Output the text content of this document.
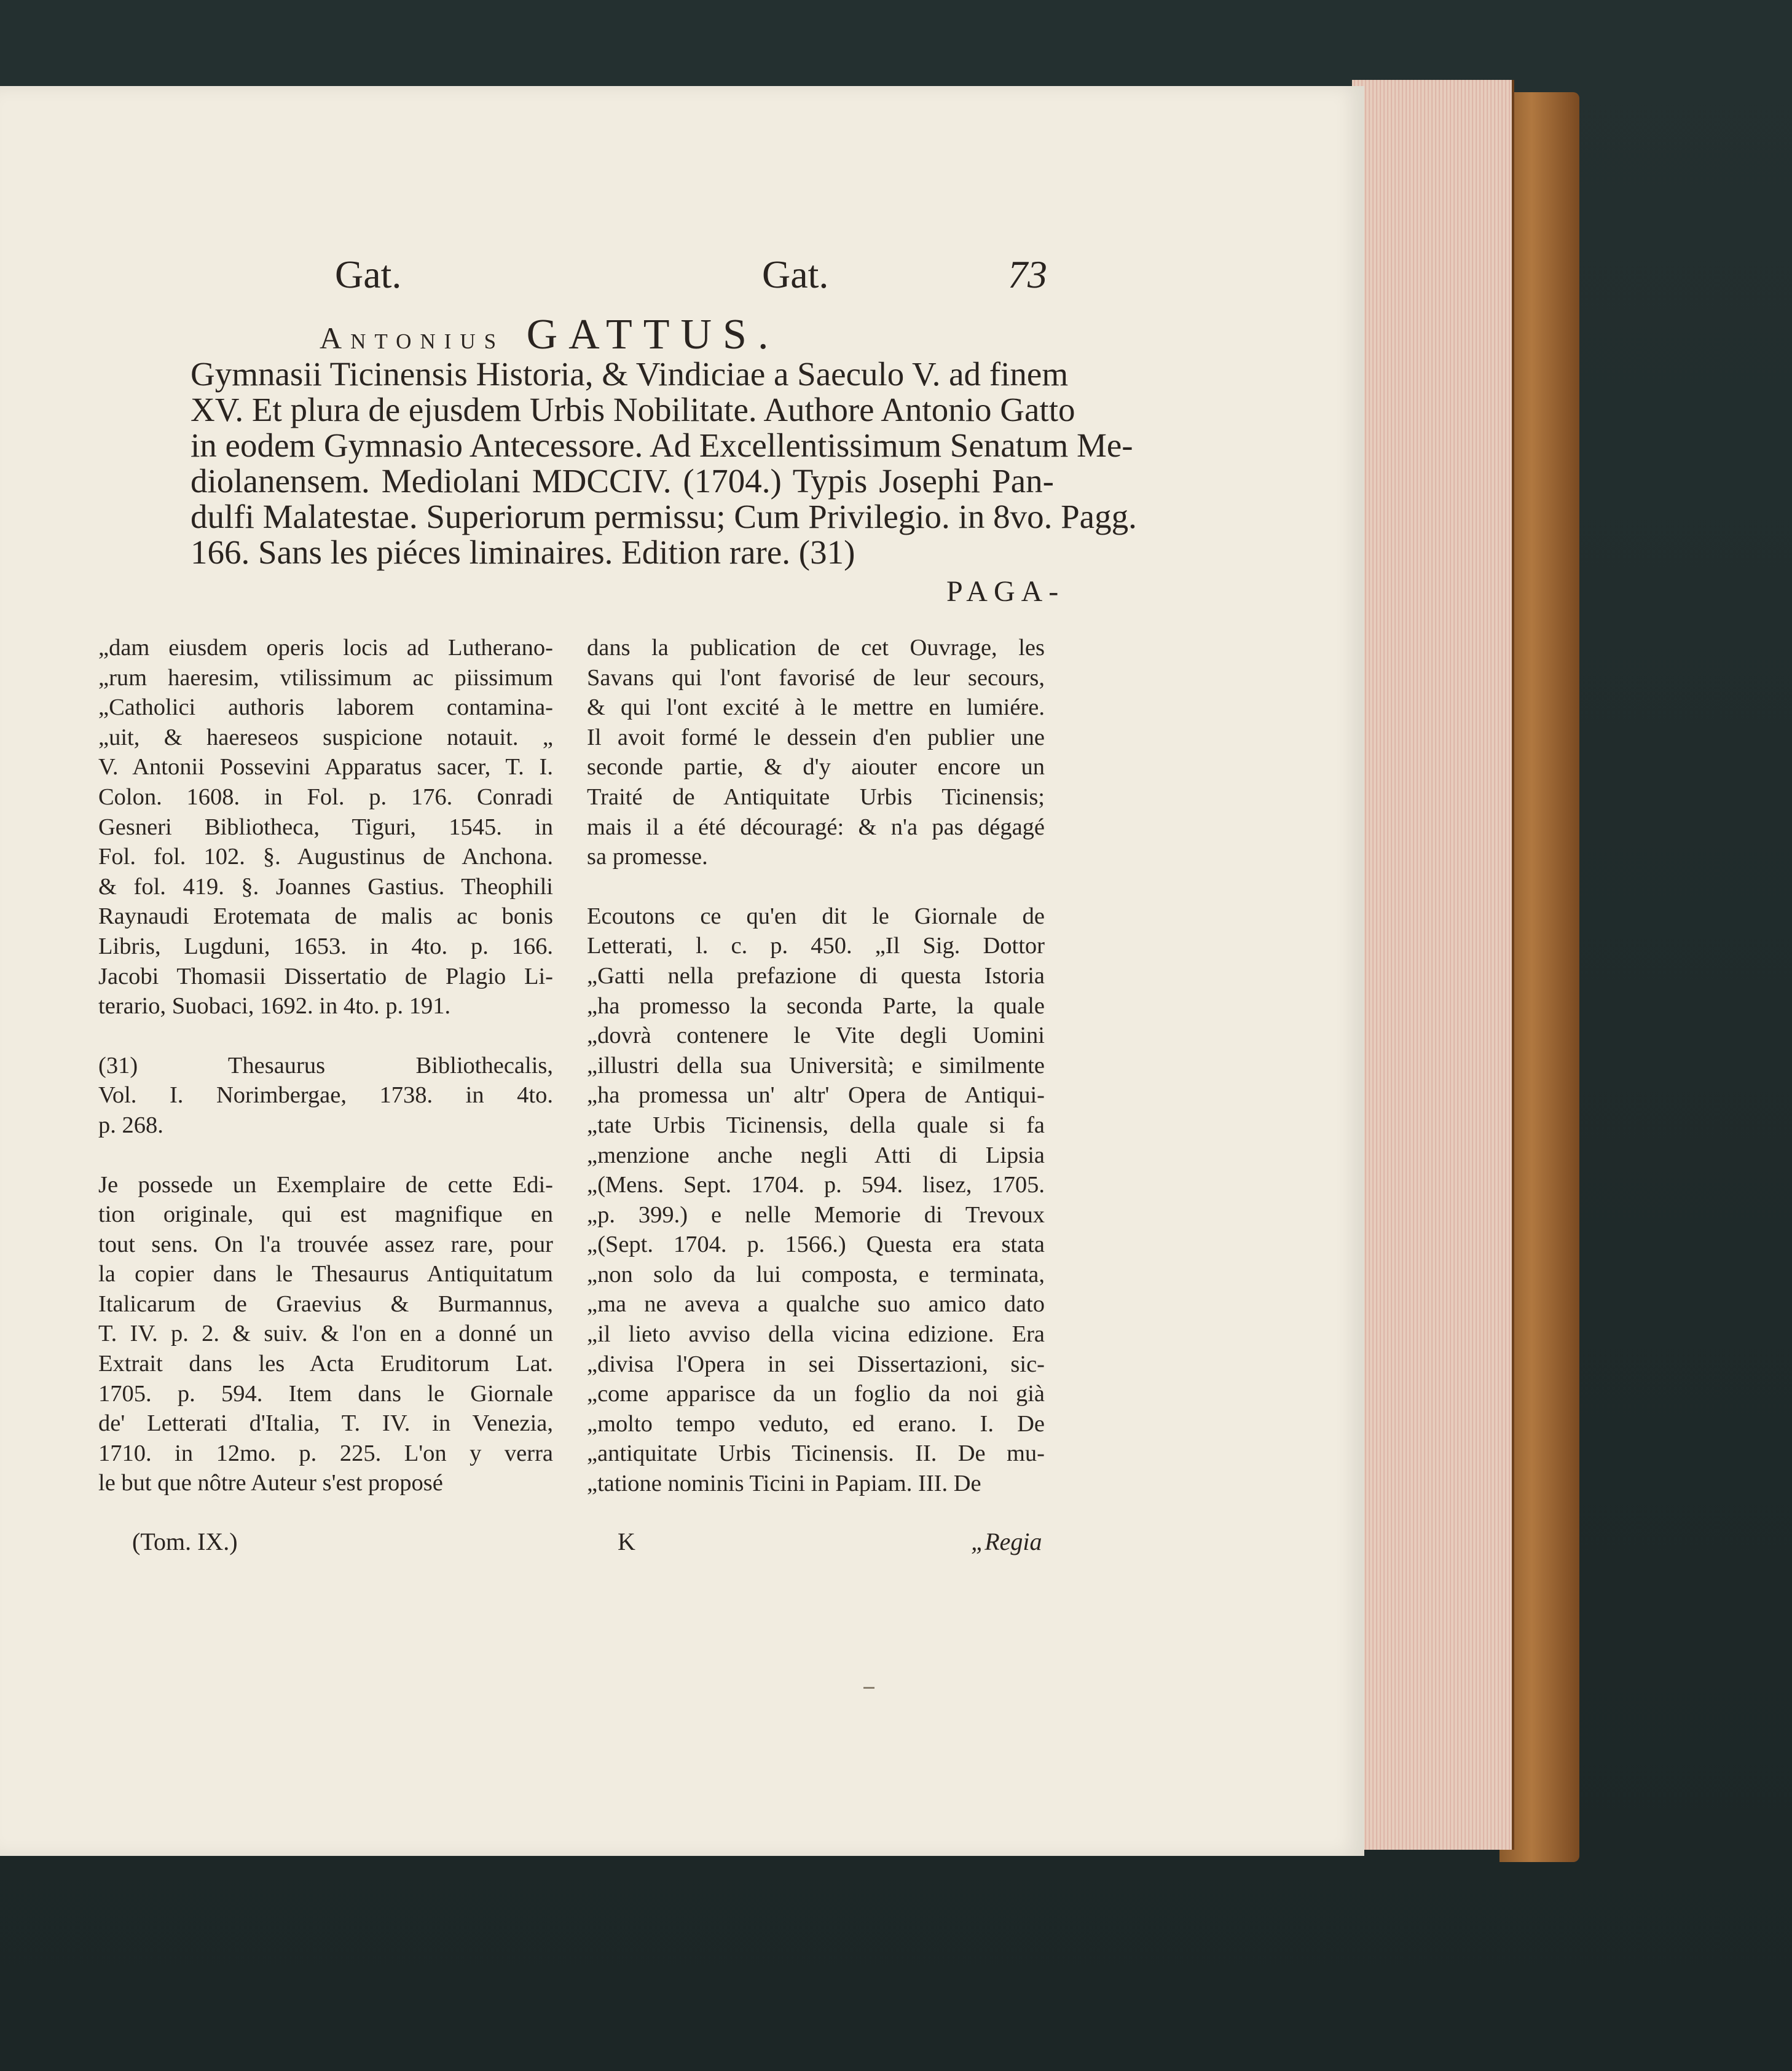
Gat.	Gat.	73
Antonius GATTUS.
Gymnasii Ticinensis Historia, & Vindiciae a Saeculo V. ad finem
XV. Et plura de ejusdem Urbis Nobilitate. Authore Antonio Gatto
in eodem Gymnasio Antecessore. Ad Excellentissimum Senatum Me-
diolanensem. Mediolani MDCCIV. (1704.) Typis Josephi Pan-
dulfi Malatestae. Superiorum permissu; Cum Privilegio. in 8vo. Pagg.
166. Sans les piéces liminaires. Edition rare. (31)
PAGA-
„dam eiusdem operis locis ad Lutherano-
„rum haeresim, vtilissimum ac piissimum
„Catholici authoris laborem contamina-
„uit, & haereseos suspicione notauit. „
V. Antonii Possevini Apparatus sacer, T. I.
Colon. 1608. in Fol. p. 176. Conradi
Gesneri Bibliotheca, Tiguri, 1545. in
Fol. fol. 102. §. Augustinus de Anchona.
& fol. 419. §. Joannes Gastius. Theophili
Raynaudi Erotemata de malis ac bonis
Libris, Lugduni, 1653. in 4to. p. 166.
Jacobi Thomasii Dissertatio de Plagio Li-
terario, Suobaci, 1692. in 4to. p. 191.
(31) Thesaurus Bibliothecalis,
Vol. I. Norimbergae, 1738. in 4to.
p. 268.
Je possede un Exemplaire de cette Edi-
tion originale, qui est magnifique en
tout sens. On l'a trouvée assez rare, pour
la copier dans le Thesaurus Antiquitatum
Italicarum de Graevius & Burmannus,
T. IV. p. 2. & suiv. & l'on en a donné un
Extrait dans les Acta Eruditorum Lat.
1705. p. 594. Item dans le Giornale
de' Letterati d'Italia, T. IV. in Venezia,
1710. in 12mo. p. 225. L'on y verra
le but que nôtre Auteur s'est proposé
dans la publication de cet Ouvrage, les
Savans qui l'ont favorisé de leur secours,
& qui l'ont excité à le mettre en lumiére.
Il avoit formé le dessein d'en publier une
seconde partie, & d'y aiouter encore un
Traité de Antiquitate Urbis Ticinensis;
mais il a été découragé: & n'a pas dégagé
sa promesse.
Ecoutons ce qu'en dit le Giornale de
Letterati, l. c. p. 450. „Il Sig. Dottor
„Gatti nella prefazione di questa Istoria
„ha promesso la seconda Parte, la quale
„dovrà contenere le Vite degli Uomini
„illustri della sua Università; e similmente
„ha promessa un' altr' Opera de Antiqui-
„tate Urbis Ticinensis, della quale si fa
„menzione anche negli Atti di Lipsia
„(Mens. Sept. 1704. p. 594. lisez, 1705.
„p. 399.) e nelle Memorie di Trevoux
„(Sept. 1704. p. 1566.) Questa era stata
„non solo da lui composta, e terminata,
„ma ne aveva a qualche suo amico dato
„il lieto avviso della vicina edizione. Era
„divisa l'Opera in sei Dissertazioni, sic-
„come apparisce da un foglio da noi già
„molto tempo veduto, ed erano. I. De
„antiquitate Urbis Ticinensis. II. De mu-
„tatione nominis Ticini in Papiam. III. De
(Tom. IX.)	K	„Regia
